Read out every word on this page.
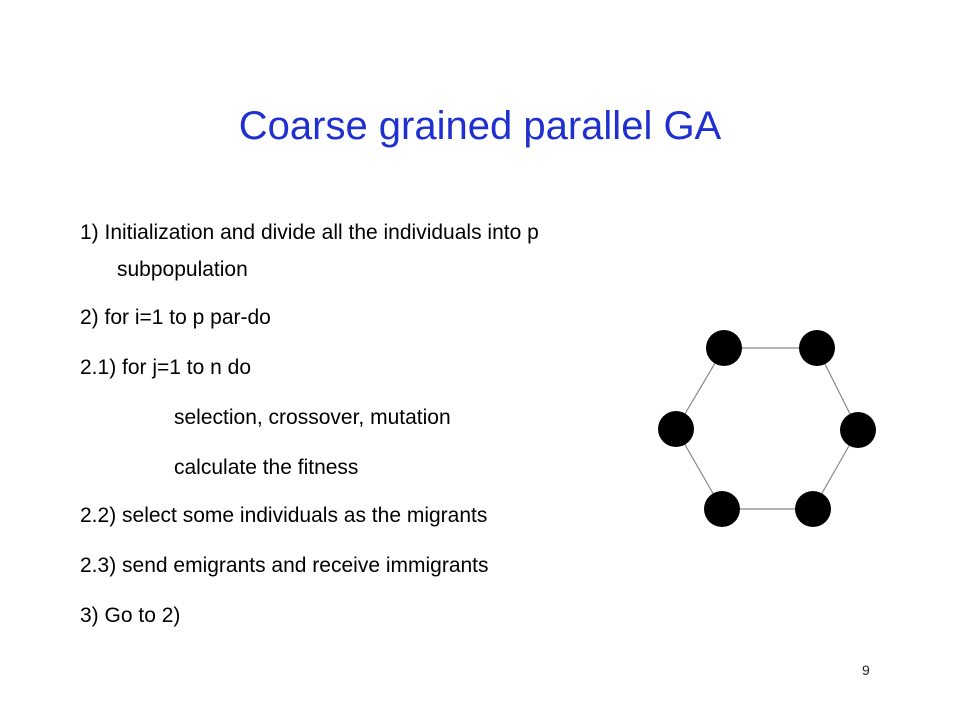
Coarse grained parallel GA
1) Initialization and divide all the individuals into p
subpopulation
2) for i=1 to p par-do
2.1) for j=1 to n do
selection, crossover, mutation
calculate the fitness
2.2) select some individuals as the migrants
2.3) send emigrants and receive immigrants
3) Go to 2)
9
